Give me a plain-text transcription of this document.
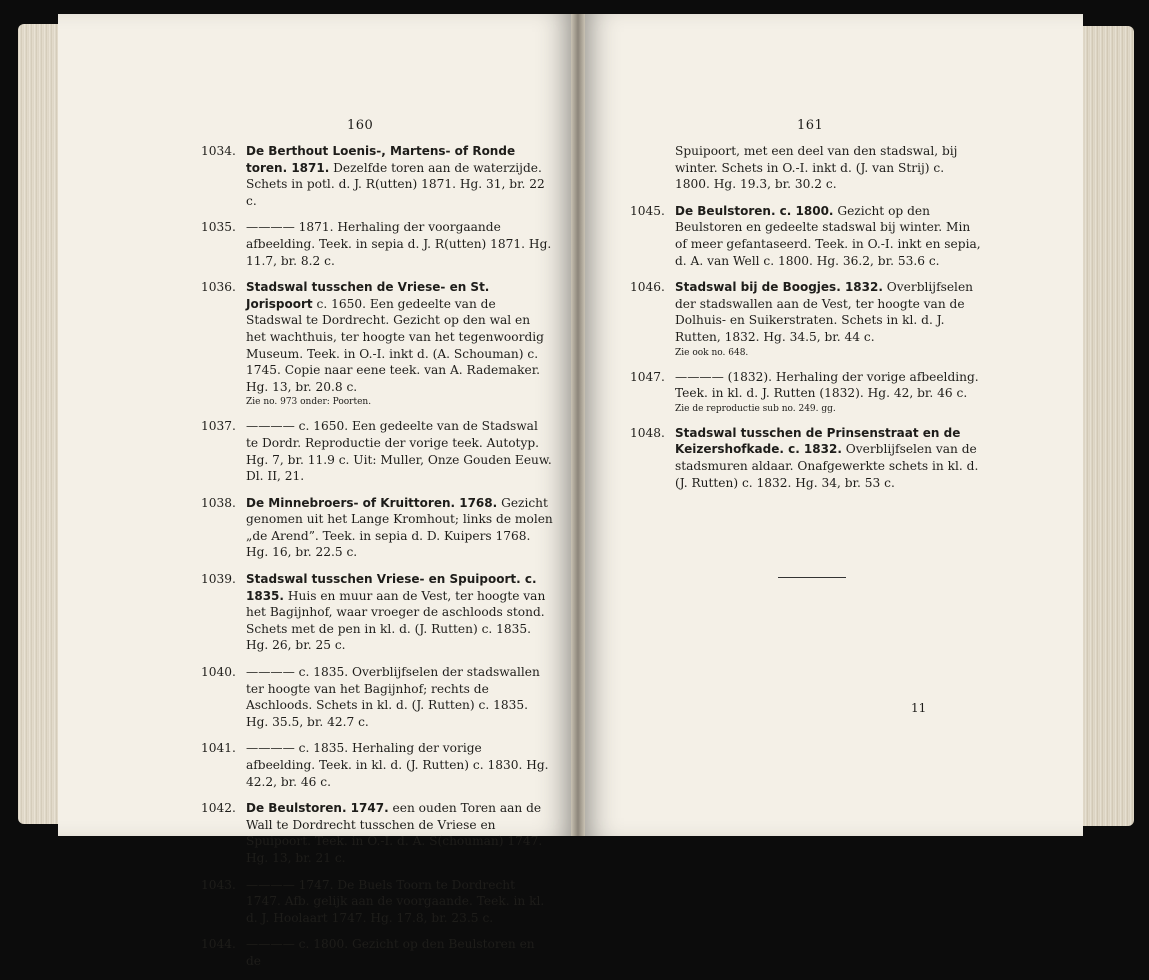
160
1034. De Berthout Loenis-, Martens- of Ronde toren. 1871. Dezelfde toren aan de waterzijde. Schets in potl. d. J. R(utten) 1871. Hg. 31, br. 22 c.
1035. ———— 1871. Herhaling der voorgaande afbeelding. Teek. in sepia d. J. R(utten) 1871. Hg. 11.7, br. 8.2 c.
1036. Stadswal tusschen de Vriese- en St. Jorispoort c. 1650. Een gedeelte van de Stadswal te Dordrecht. Gezicht op den wal en het wachthuis, ter hoogte van het tegenwoordig Museum. Teek. in O.-I. inkt d. (A. Schouman) c. 1745. Copie naar eene teek. van A. Rademaker. Hg. 13, br. 20.8 c.
Zie no. 973 onder: Poorten.
1037. ———— c. 1650. Een gedeelte van de Stadswal te Dordr. Reproductie der vorige teek. Autotyp. Hg. 7, br. 11.9 c. Uit: Muller, Onze Gouden Eeuw. Dl. II, 21.
1038. De Minnebroers- of Kruittoren. 1768. Gezicht genomen uit het Lange Kromhout; links de molen „de Arend”. Teek. in sepia d. D. Kuipers 1768. Hg. 16, br. 22.5 c.
1039. Stadswal tusschen Vriese- en Spuipoort. c. 1835. Huis en muur aan de Vest, ter hoogte van het Bagijnhof, waar vroeger de aschloods stond. Schets met de pen in kl. d. (J. Rutten) c. 1835. Hg. 26, br. 25 c.
1040. ———— c. 1835. Overblijfselen der stadswallen ter hoogte van het Bagijnhof; rechts de Aschloods. Schets in kl. d. (J. Rutten) c. 1835. Hg. 35.5, br. 42.7 c.
1041. ———— c. 1835. Herhaling der vorige afbeelding. Teek. in kl. d. (J. Rutten) c. 1830. Hg. 42.2, br. 46 c.
1042. De Beulstoren. 1747. een ouden Toren aan de Wall te Dordrecht tusschen de Vriese en Spuipoort. Teek. in O.-I. d. A. S(chouman) 1747. Hg. 13, br. 21 c.
1043. ———— 1747. De Buels Toorn te Dordrecht 1747. Afb. gelijk aan de voorgaande. Teek. in kl. d. J. Hoolaart 1747. Hg. 17.8, br. 23.5 c.
1044. ———— c. 1800. Gezicht op den Beulstoren en de
161
Spuipoort, met een deel van den stadswal, bij winter. Schets in O.-I. inkt d. (J. van Strij) c. 1800. Hg. 19.3, br. 30.2 c.
1045. De Beulstoren. c. 1800. Gezicht op den Beulstoren en gedeelte stadswal bij winter. Min of meer gefantaseerd. Teek. in O.-I. inkt en sepia, d. A. van Well c. 1800. Hg. 36.2, br. 53.6 c.
1046. Stadswal bij de Boogjes. 1832. Overblijfselen der stadswallen aan de Vest, ter hoogte van de Dolhuis- en Suikerstraten. Schets in kl. d. J. Rutten, 1832. Hg. 34.5, br. 44 c.
Zie ook no. 648.
1047. ———— (1832). Herhaling der vorige afbeelding. Teek. in kl. d. J. Rutten (1832). Hg. 42, br. 46 c.
Zie de reproductie sub no. 249. gg.
1048. Stadswal tusschen de Prinsenstraat en de Keizershofkade. c. 1832. Overblijfselen van de stadsmuren aldaar. Onafgewerkte schets in kl. d. (J. Rutten) c. 1832. Hg. 34, br. 53 c.
11
